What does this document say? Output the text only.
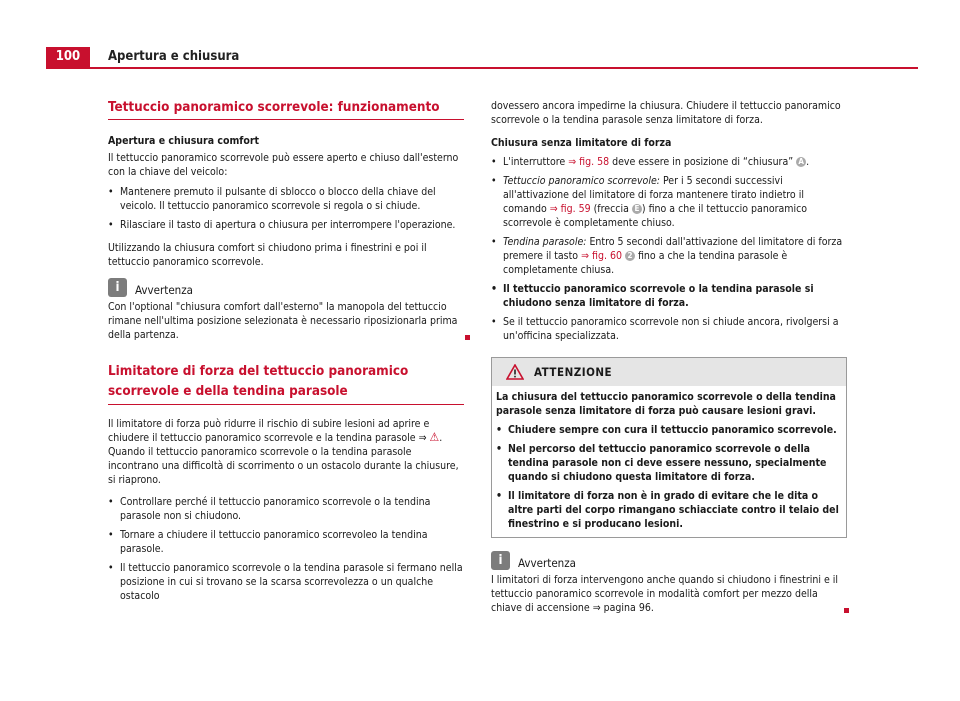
100	Apertura e chiusura
Tettuccio panoramico scorrevole: funzionamento
Apertura e chiusura comfort

Il tettuccio panoramico scorrevole può essere aperto e chiuso dall'esterno con la chiave del veicolo:

• Mantenere premuto il pulsante di sblocco o blocco della chiave del veicolo. Il tettuccio panoramico scorrevole si regola o si chiude.
• Rilasciare il tasto di apertura o chiusura per interrompere l'operazione.

Utilizzando la chiusura comfort si chiudono prima i finestrini e poi il tettuccio panoramico scorrevole.

i	Avvertenza

Con l'optional "chiusura comfort dall'esterno" la manopola del tettuccio rimane nell'ultima posizione selezionata è necessario riposizionarla prima della partenza.

Limitatore di forza del tettuccio panoramico scorrevole e della tendina parasole

Il limitatore di forza può ridurre il rischio di subire lesioni ad aprire e chiudere il tettuccio panoramico scorrevole e la tendina parasole ⇒ ⚠. Quando il tettuccio panoramico scorrevole o la tendina parasole incontrano una difficoltà di scorrimento o un ostacolo durante la chiusure, si riaprono.

• Controllare perché il tettuccio panoramico scorrevole o la tendina parasole non si chiudono.
• Tornare a chiudere il tettuccio panoramico scorrevoleo la tendina parasole.
• Il tettuccio panoramico scorrevole o la tendina parasole si fermano nella posizione in cui si trovano se la scarsa scorrevolezza o un qualche ostacolo

dovessero ancora impedirne la chiusura. Chiudere il tettuccio panoramico scorrevole o la tendina parasole senza limitatore di forza.

Chiusura senza limitatore di forza
• L'interruttore ⇒ fig. 58 deve essere in posizione di “chiusura” A .
• Tettuccio panoramico scorrevole: Per i 5 secondi successivi all'attivazione del limitatore di forza mantenere tirato indietro il comando ⇒ fig. 59 (freccia E ) fino a che il tettuccio panoramico scorrevole è completamente chiuso.
• Tendina parasole: Entro 5 secondi dall'attivazione del limitatore di forza premere il tasto ⇒ fig. 60 2 fino a che la tendina parasole è completamente chiusa.
• Il tettuccio panoramico scorrevole o la tendina parasole si chiudono senza limitatore di forza.
• Se il tettuccio panoramico scorrevole non si chiude ancora, rivolgersi a un'officina specializzata.
ATTENZIONE

La chiusura del tettuccio panoramico scorrevole o della tendina parasole senza limitatore di forza può causare lesioni gravi.

• Chiudere sempre con cura il tettuccio panoramico scorrevole.
• Nel percorso del tettuccio panoramico scorrevole o della tendina parasole non ci deve essere nessuno, specialmente quando si chiudono questa limitatore di forza.
• Il limitatore di forza non è in grado di evitare che le dita o altre parti del corpo rimangano schiacciate contro il telaio del finestrino e si producano lesioni.
i	Avvertenza

I limitatori di forza intervengono anche quando si chiudono i finestrini e il tettuccio panoramico scorrevole in modalità comfort per mezzo della chiave di accensione ⇒ pagina 96.
